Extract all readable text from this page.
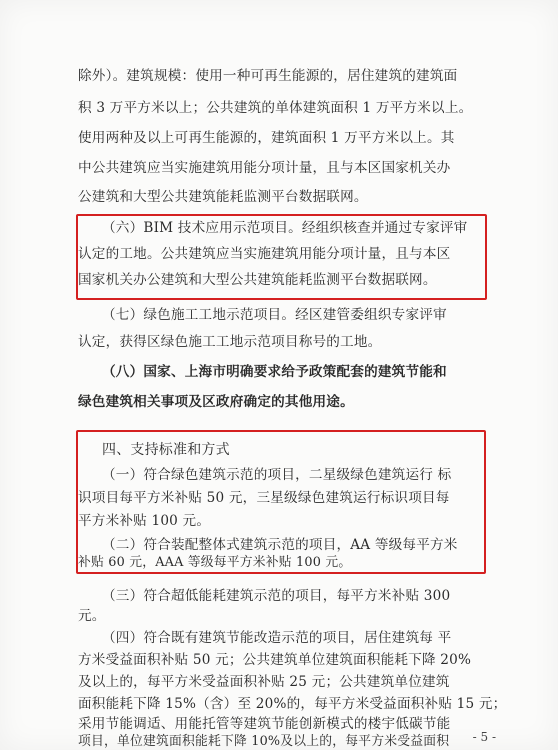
除外）。建筑规模：使用一种可再生能源的，居住建筑的建筑面
积 3 万平方米以上；公共建筑的单体建筑面积 1 万平方米以上。
使用两种及以上可再生能源的，建筑面积 1 万平方米以上。其
中公共建筑应当实施建筑用能分项计量，且与本区国家机关办
公建筑和大型公共建筑能耗监测平台数据联网。
（六）BIM 技术应用示范项目。经组织核查并通过专家评审
认定的工地。公共建筑应当实施建筑用能分项计量，且与本区
国家机关办公建筑和大型公共建筑能耗监测平台数据联网。
（七）绿色施工工地示范项目。经区建管委组织专家评审
认定，获得区绿色施工工地示范项目称号的工地。
（八）国家、上海市明确要求给予政策配套的建筑节能和
绿色建筑相关事项及区政府确定的其他用途。
四、支持标准和方式
（一）符合绿色建筑示范的项目，二星级绿色建筑运行 标
识项目每平方米补贴 50 元，三星级绿色建筑运行标识项目每
平方米补贴 100 元。
（二）符合装配整体式建筑示范的项目，AA 等级每平方米
补贴 60 元，AAA 等级每平方米补贴 100 元。
（三）符合超低能耗建筑示范的项目，每平方米补贴 300
元。
（四）符合既有建筑节能改造示范的项目，居住建筑每 平
方米受益面积补贴 50 元；公共建筑单位建筑面积能耗下降 20%
及以上的，每平方米受益面积补贴 25 元；公共建筑单位建筑
面积能耗下降 15%（含）至 20%的，每平方米受益面积补贴 15 元；
采用节能调适、用能托管等建筑节能创新模式的楼宇低碳节能
项目，单位建筑面积能耗下降 10%及以上的，每平方米受益面积	- 5 -
